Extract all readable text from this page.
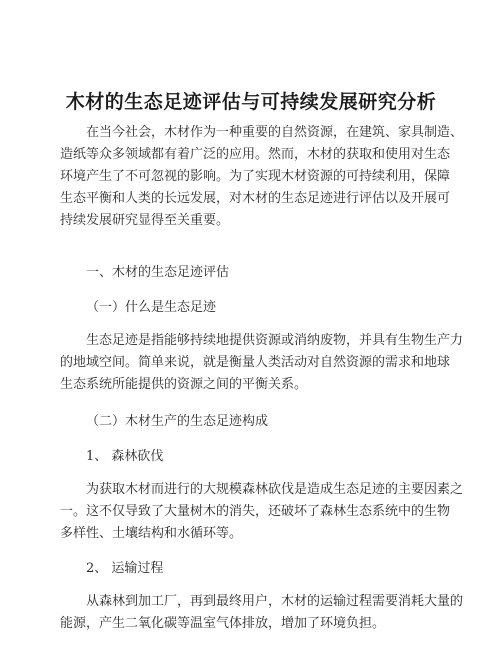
木材的生态足迹评估与可持续发展研究分析
在当今社会，木材作为一种重要的自然资源，在建筑、家具制造、
造纸等众多领域都有着广泛的应用。然而，木材的获取和使用对生态
环境产生了不可忽视的影响。为了实现木材资源的可持续利用，保障
生态平衡和人类的长远发展，对木材的生态足迹进行评估以及开展可
持续发展研究显得至关重要。
一、木材的生态足迹评估
（一）什么是生态足迹
生态足迹是指能够持续地提供资源或消纳废物，并具有生物生产力
的地域空间。简单来说，就是衡量人类活动对自然资源的需求和地球
生态系统所能提供的资源之间的平衡关系。
（二）木材生产的生态足迹构成
1、 森林砍伐
为获取木材而进行的大规模森林砍伐是造成生态足迹的主要因素之
一。这不仅导致了大量树木的消失，还破坏了森林生态系统中的生物
多样性、土壤结构和水循环等。
2、 运输过程
从森林到加工厂，再到最终用户，木材的运输过程需要消耗大量的
能源，产生二氧化碳等温室气体排放，增加了环境负担。
